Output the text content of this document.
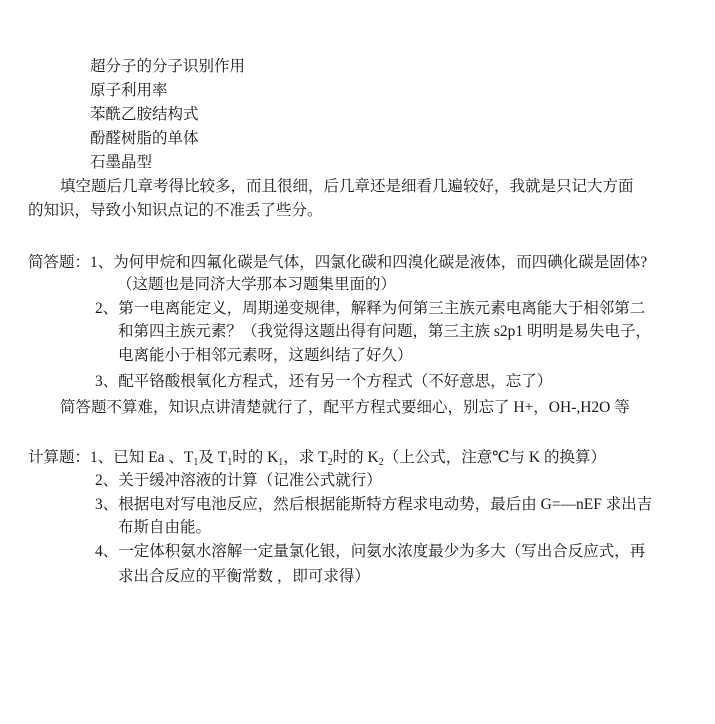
超分子的分子识别作用
原子利用率
苯酰乙胺结构式
酚醛树脂的单体
石墨晶型
填空题后几章考得比较多，而且很细，后几章还是细看几遍较好，我就是只记大方面
的知识，导致小知识点记的不准丢了些分。
简答题：1、为何甲烷和四氟化碳是气体，四氯化碳和四溴化碳是液体，而四碘化碳是固体?
（这题也是同济大学那本习题集里面的）
2、第一电离能定义，周期递变规律，解释为何第三主族元素电离能大于相邻第二
和第四主族元素？（我觉得这题出得有问题，第三主族 s2p1 明明是易失电子，
电离能小于相邻元素呀，这题纠结了好久）
3、配平铬酸根氧化方程式，还有另一个方程式（不好意思，忘了）
简答题不算难，知识点讲清楚就行了，配平方程式要细心，别忘了 H+，OH-,H2O 等
计算题：1、已知 Ea 、$T_1$及 $T_1$时的 $K_1$，求 $T_2$时的 $K_2$（上公式，注意℃与 K 的换算）
2、关于缓冲溶液的计算（记准公式就行）
3、根据电对写电池反应，然后根据能斯特方程求电动势，最后由 G=—nEF 求出吉
布斯自由能。
4、一定体积氨水溶解一定量氯化银，问氨水浓度最少为多大（写出合反应式，再
求出合反应的平衡常数 ，即可求得）
